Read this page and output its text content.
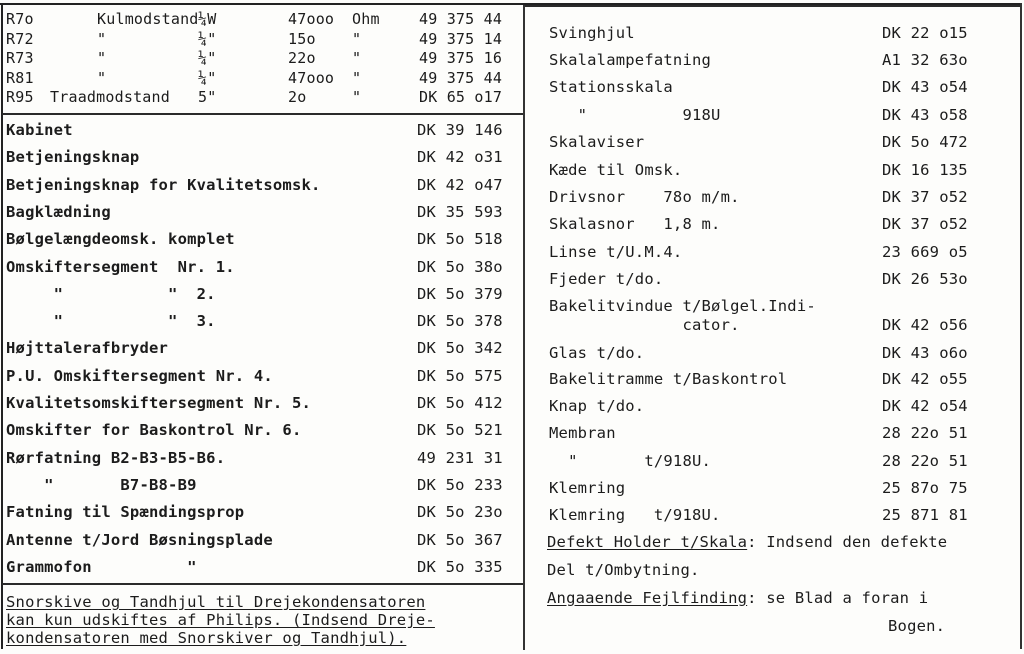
R7o	Kulmodstand ¼W	47ooo Ohm	49 375 44
R72	"	¼"	15o "	49 375 14
R73	"	¼"	22o "	49 375 16
R81	"	¼"	47ooo "	49 375 44
R95 Traadmodstand 5"	2o	"	DK 65 o17
Kabinet	DK 39 146
Betjeningsknap	DK 42 o31
Betjeningsknap for Kvalitetsomsk.	DK 42 o47
Bagklædning	DK 35 593
Bølgelængdeomsk. komplet	DK 5o 518
Omskiftersegment  Nr. 1.	DK 5o 38o
"           "  2.	DK 5o 379
"           "  3.	DK 5o 378
Højttalerafbryder	DK 5o 342
P.U. Omskiftersegment Nr. 4.	DK 5o 575
Kvalitetsomskiftersegment Nr. 5.	DK 5o 412
Omskifter for Baskontrol Nr. 6.	DK 5o 521
Rørfatning B2-B3-B5-B6.	49 231 31
"       B7-B8-B9	DK 5o 233
Fatning til Spændingsprop	DK 5o 23o
Antenne t/Jord Bøsningsplade	DK 5o 367
Grammofon          "	DK 5o 335
Snorskive og Tandhjul til Drejekondensatoren
kan kun udskiftes af Philips. (Indsend Dreje-
kondensatoren med Snorskiver og Tandhjul).
Svinghjul	DK 22 o15
Skalalampefatning	A1 32 63o
Stationsskala	DK 43 o54
"          918U	DK 43 o58
Skalaviser	DK 5o 472
Kæde til Omsk.	DK 16 135
Drivsnor    78o m/m.	DK 37 o52
Skalasnor   1,8 m.	DK 37 o52
Linse t/U.M.4.	23 669 o5
Fjeder t/do.	DK 26 53o
Bakelitvindue t/Bølgel.Indi-
cator.	DK 42 o56
Glas t/do.	DK 43 o6o
Bakelitramme t/Baskontrol	DK 42 o55
Knap t/do.	DK 42 o54
Membran	28 22o 51
"       t/918U.	28 22o 51
Klemring	25 87o 75
Klemring   t/918U.	25 871 81
Defekt Holder t/Skala: Indsend den defekte
Del t/Ombytning.
Angaaende Fejlfinding: se Blad a foran i
Bogen.
